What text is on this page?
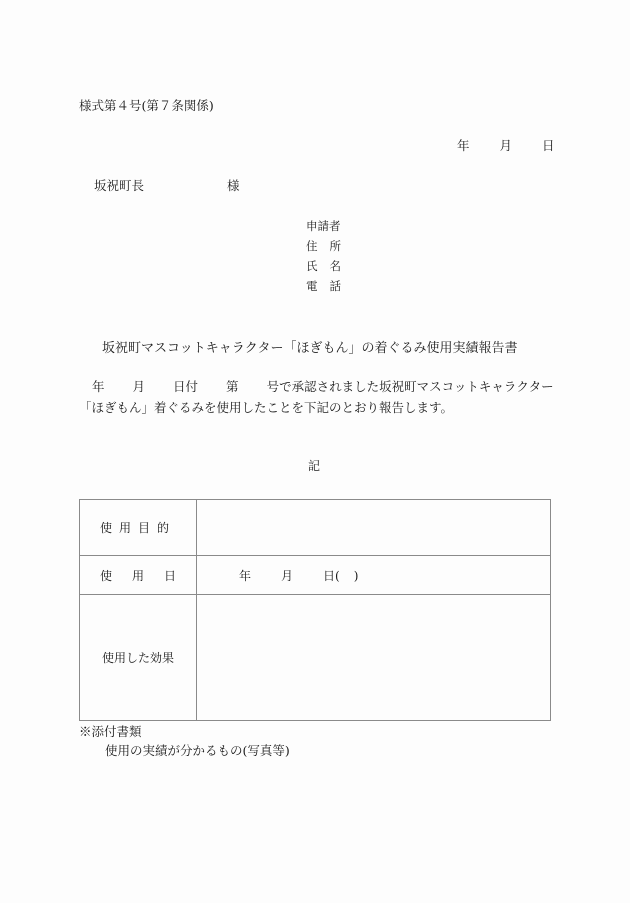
様式第４号(第７条関係)
年 月 日
坂祝町長	様
申請者
住 所
氏 名
電 話
坂祝町マスコットキャラクター「ほぎもん」の着ぐるみ使用実績報告書
年 月 日付 第 号で承認されました坂祝町マスコットキャラクター
「ほぎもん」着ぐるみを使用したことを下記のとおり報告します。
記
使用目的	
使用日	年 月 日( )
使用した効果	
※添付書類
使用の実績が分かるもの(写真等)
